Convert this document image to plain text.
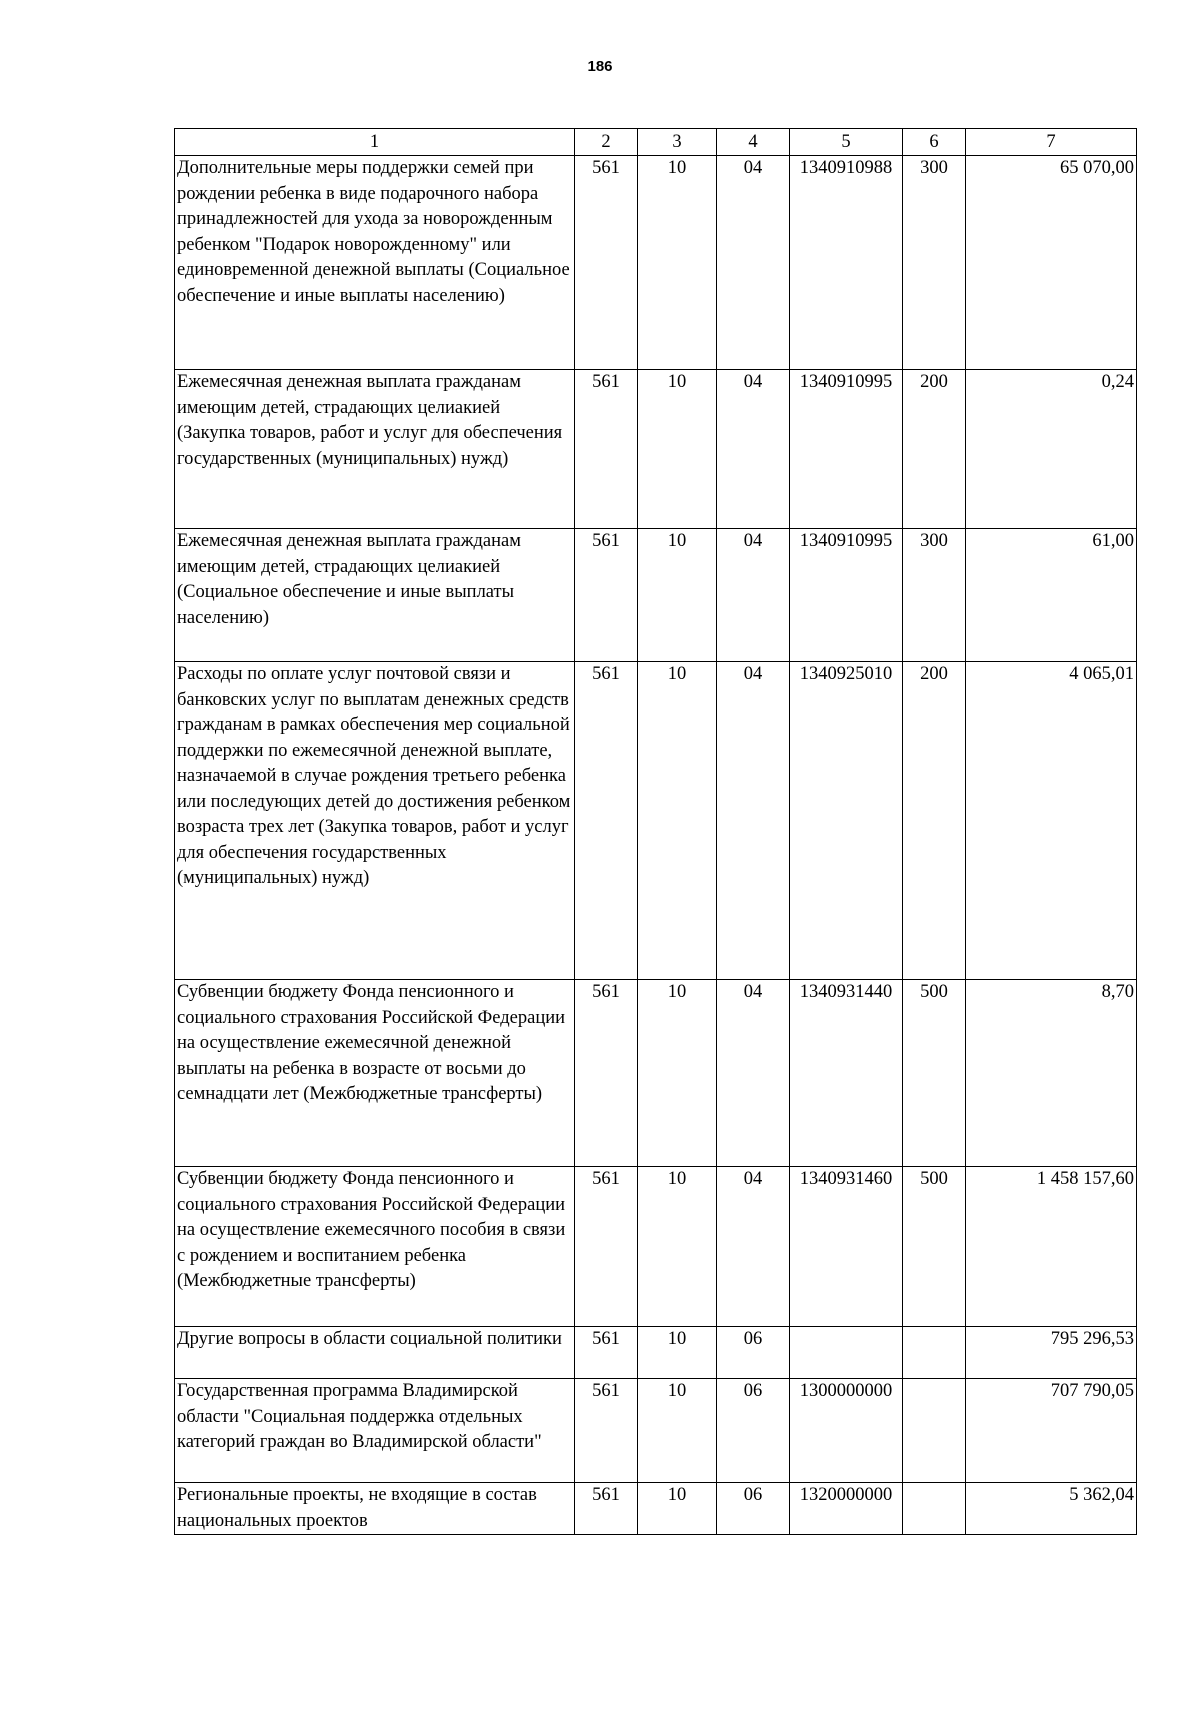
186
1	2	3	4	5	6	7
Дополнительные меры поддержки семей при рождении ребенка в виде подарочного набора принадлежностей для ухода за новорожденным ребенком "Подарок новорожденному" или единовременной денежной выплаты (Социальное обеспечение и иные выплаты населению)	561	10	04	1340910988	300	65 070,00
Ежемесячная денежная выплата гражданам имеющим детей, страдающих целиакией (Закупка товаров, работ и услуг для обеспечения государственных (муниципальных) нужд)	561	10	04	1340910995	200	0,24
Ежемесячная денежная выплата гражданам имеющим детей, страдающих целиакией (Социальное обеспечение и иные выплаты населению)	561	10	04	1340910995	300	61,00
Расходы по оплате услуг почтовой связи и банковских услуг по выплатам денежных средств гражданам в рамках обеспечения мер социальной поддержки по ежемесячной денежной выплате, назначаемой в случае рождения третьего ребенка или последующих детей до достижения ребенком возраста трех лет (Закупка товаров, работ и услуг для обеспечения государственных (муниципальных) нужд)	561	10	04	1340925010	200	4 065,01
Субвенции бюджету Фонда пенсионного и социального страхования Российской Федерации на осуществление ежемесячной денежной выплаты на ребенка в возрасте от восьми до семнадцати лет (Межбюджетные трансферты)	561	10	04	1340931440	500	8,70
Субвенции бюджету Фонда пенсионного и социального страхования Российской Федерации на осуществление ежемесячного пособия в связи с рождением и воспитанием ребенка (Межбюджетные трансферты)	561	10	04	1340931460	500	1 458 157,60
Другие вопросы в области социальной политики	561	10	06			795 296,53
Государственная программа Владимирской области "Социальная поддержка отдельных категорий граждан во Владимирской области"	561	10	06	1300000000		707 790,05
Региональные проекты, не входящие в состав национальных проектов	561	10	06	1320000000		5 362,04
